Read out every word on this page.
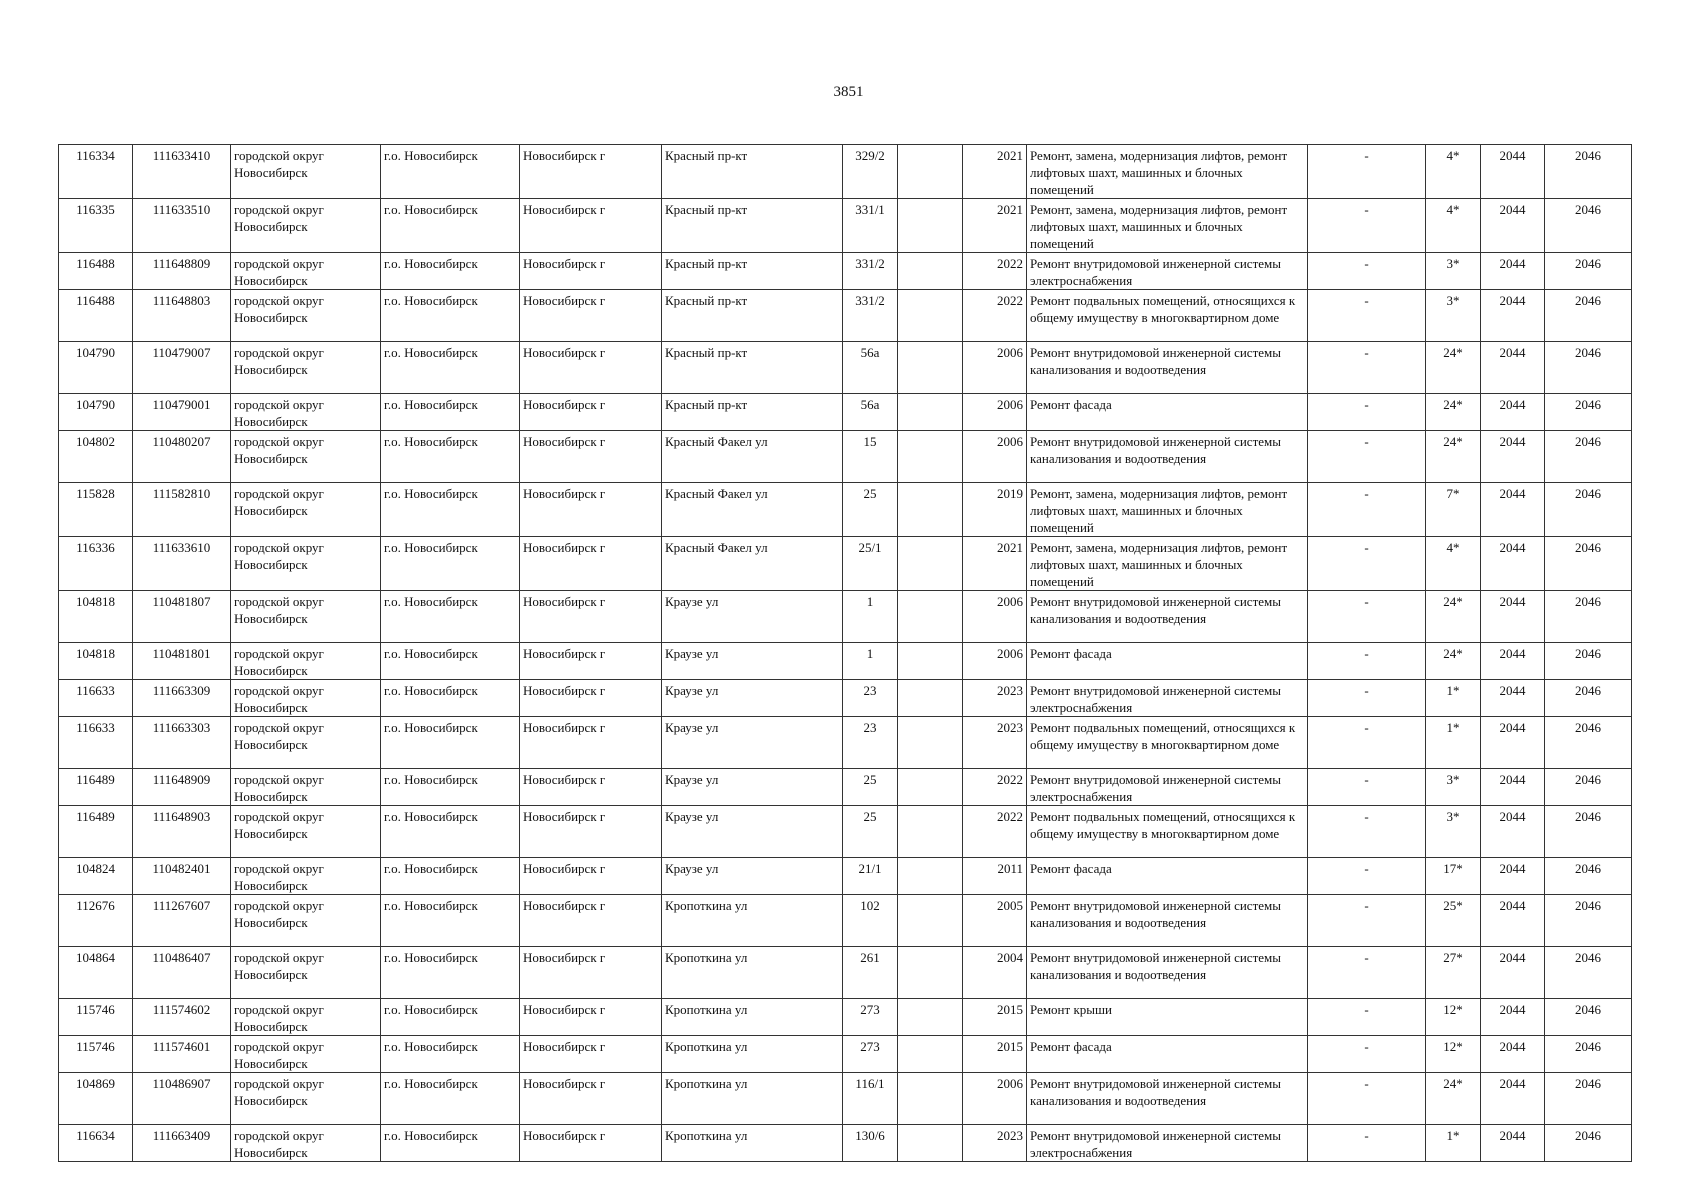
3851
116334	111633410	городской округ Новосибирск	г.о. Новосибирск	Новосибирск г	Красный пр-кт	329/2		2021	Ремонт, замена, модернизация лифтов, ремонт лифтовых шахт, машинных и блочных помещений	-	4*	2044	2046
116335	111633510	городской округ Новосибирск	г.о. Новосибирск	Новосибирск г	Красный пр-кт	331/1		2021	Ремонт, замена, модернизация лифтов, ремонт лифтовых шахт, машинных и блочных помещений	-	4*	2044	2046
116488	111648809	городской округ Новосибирск	г.о. Новосибирск	Новосибирск г	Красный пр-кт	331/2		2022	Ремонт внутридомовой инженерной системы электроснабжения	-	3*	2044	2046
116488	111648803	городской округ Новосибирск	г.о. Новосибирск	Новосибирск г	Красный пр-кт	331/2		2022	Ремонт подвальных помещений, относящихся к общему имуществу в многоквартирном доме	-	3*	2044	2046
104790	110479007	городской округ Новосибирск	г.о. Новосибирск	Новосибирск г	Красный пр-кт	56а		2006	Ремонт внутридомовой инженерной системы канализования и водоотведения	-	24*	2044	2046
104790	110479001	городской округ Новосибирск	г.о. Новосибирск	Новосибирск г	Красный пр-кт	56а		2006	Ремонт фасада	-	24*	2044	2046
104802	110480207	городской округ Новосибирск	г.о. Новосибирск	Новосибирск г	Красный Факел ул	15		2006	Ремонт внутридомовой инженерной системы канализования и водоотведения	-	24*	2044	2046
115828	111582810	городской округ Новосибирск	г.о. Новосибирск	Новосибирск г	Красный Факел ул	25		2019	Ремонт, замена, модернизация лифтов, ремонт лифтовых шахт, машинных и блочных помещений	-	7*	2044	2046
116336	111633610	городской округ Новосибирск	г.о. Новосибирск	Новосибирск г	Красный Факел ул	25/1		2021	Ремонт, замена, модернизация лифтов, ремонт лифтовых шахт, машинных и блочных помещений	-	4*	2044	2046
104818	110481807	городской округ Новосибирск	г.о. Новосибирск	Новосибирск г	Краузе ул	1		2006	Ремонт внутридомовой инженерной системы канализования и водоотведения	-	24*	2044	2046
104818	110481801	городской округ Новосибирск	г.о. Новосибирск	Новосибирск г	Краузе ул	1		2006	Ремонт фасада	-	24*	2044	2046
116633	111663309	городской округ Новосибирск	г.о. Новосибирск	Новосибирск г	Краузе ул	23		2023	Ремонт внутридомовой инженерной системы электроснабжения	-	1*	2044	2046
116633	111663303	городской округ Новосибирск	г.о. Новосибирск	Новосибирск г	Краузе ул	23		2023	Ремонт подвальных помещений, относящихся к общему имуществу в многоквартирном доме	-	1*	2044	2046
116489	111648909	городской округ Новосибирск	г.о. Новосибирск	Новосибирск г	Краузе ул	25		2022	Ремонт внутридомовой инженерной системы электроснабжения	-	3*	2044	2046
116489	111648903	городской округ Новосибирск	г.о. Новосибирск	Новосибирск г	Краузе ул	25		2022	Ремонт подвальных помещений, относящихся к общему имуществу в многоквартирном доме	-	3*	2044	2046
104824	110482401	городской округ Новосибирск	г.о. Новосибирск	Новосибирск г	Краузе ул	21/1		2011	Ремонт фасада	-	17*	2044	2046
112676	111267607	городской округ Новосибирск	г.о. Новосибирск	Новосибирск г	Кропоткина ул	102		2005	Ремонт внутридомовой инженерной системы канализования и водоотведения	-	25*	2044	2046
104864	110486407	городской округ Новосибирск	г.о. Новосибирск	Новосибирск г	Кропоткина ул	261		2004	Ремонт внутридомовой инженерной системы канализования и водоотведения	-	27*	2044	2046
115746	111574602	городской округ Новосибирск	г.о. Новосибирск	Новосибирск г	Кропоткина ул	273		2015	Ремонт крыши	-	12*	2044	2046
115746	111574601	городской округ Новосибирск	г.о. Новосибирск	Новосибирск г	Кропоткина ул	273		2015	Ремонт фасада	-	12*	2044	2046
104869	110486907	городской округ Новосибирск	г.о. Новосибирск	Новосибирск г	Кропоткина ул	116/1		2006	Ремонт внутридомовой инженерной системы канализования и водоотведения	-	24*	2044	2046
116634	111663409	городской округ Новосибирск	г.о. Новосибирск	Новосибирск г	Кропоткина ул	130/6		2023	Ремонт внутридомовой инженерной системы электроснабжения	-	1*	2044	2046
